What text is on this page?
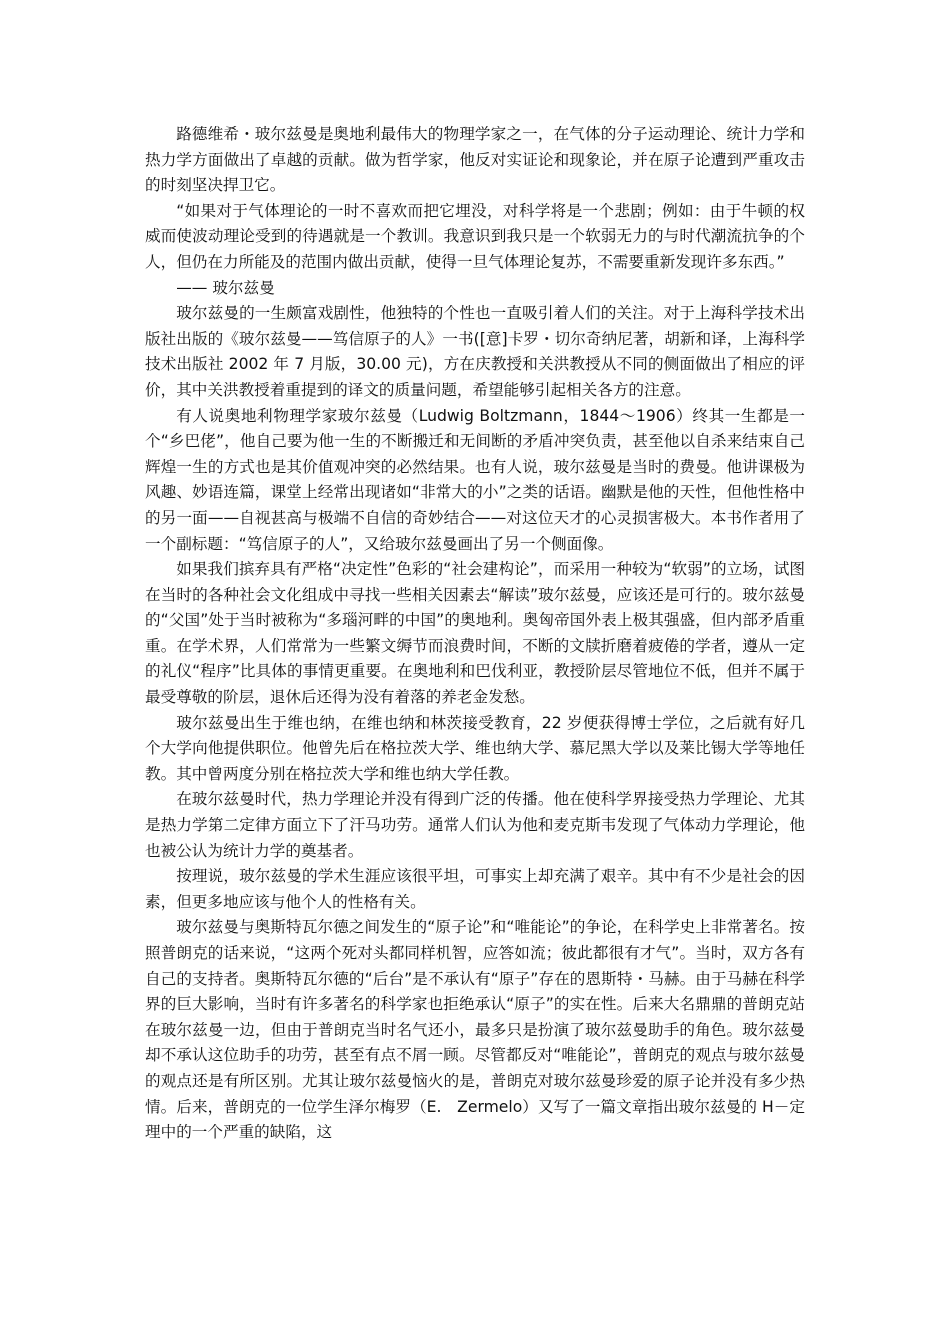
路德维希・玻尔兹曼是奥地利最伟大的物理学家之一，在气体的分子运动理论、统计力学和热力学方面做出了卓越的贡献。做为哲学家，他反对实证论和现象论，并在原子论遭到严重攻击的时刻坚决捍卫它。

“如果对于气体理论的一时不喜欢而把它埋没，对科学将是一个悲剧；例如：由于牛顿的权威而使波动理论受到的待遇就是一个教训。我意识到我只是一个软弱无力的与时代潮流抗争的个人，但仍在力所能及的范围内做出贡献，使得一旦气体理论复苏，不需要重新发现许多东西。”

—— 玻尔兹曼

玻尔兹曼的一生颇富戏剧性，他独特的个性也一直吸引着人们的关注。对于上海科学技术出版社出版的《玻尔兹曼——笃信原子的人》一书([意]卡罗・切尔奇纳尼著，胡新和译，上海科学技术出版社 2002 年 7 月版，30.00 元)，方在庆教授和关洪教授从不同的侧面做出了相应的评价，其中关洪教授着重提到的译文的质量问题，希望能够引起相关各方的注意。

有人说奥地利物理学家玻尔兹曼（Ludwig Boltzmann，1844～1906）终其一生都是一个“乡巴佬”，他自己要为他一生的不断搬迁和无间断的矛盾冲突负责，甚至他以自杀来结束自己辉煌一生的方式也是其价值观冲突的必然结果。也有人说，玻尔兹曼是当时的费曼。他讲课极为风趣、妙语连篇，课堂上经常出现诸如“非常大的小”之类的话语。幽默是他的天性，但他性格中的另一面——自视甚高与极端不自信的奇妙结合——对这位天才的心灵损害极大。本书作者用了一个副标题：“笃信原子的人”，又给玻尔兹曼画出了另一个侧面像。

如果我们摈弃具有严格“决定性”色彩的“社会建构论”，而采用一种较为“软弱”的立场，试图在当时的各种社会文化组成中寻找一些相关因素去“解读”玻尔兹曼，应该还是可行的。玻尔兹曼的“父国”处于当时被称为“多瑙河畔的中国”的奥地利。奥匈帝国外表上极其强盛，但内部矛盾重重。在学术界，人们常常为一些繁文缛节而浪费时间，不断的文牍折磨着疲倦的学者，遵从一定的礼仪“程序”比具体的事情更重要。在奥地利和巴伐利亚，教授阶层尽管地位不低，但并不属于最受尊敬的阶层，退休后还得为没有着落的养老金发愁。

玻尔兹曼出生于维也纳，在维也纳和林茨接受教育，22 岁便获得博士学位，之后就有好几个大学向他提供职位。他曾先后在格拉茨大学、维也纳大学、慕尼黑大学以及莱比锡大学等地任教。其中曾两度分别在格拉茨大学和维也纳大学任教。

在玻尔兹曼时代，热力学理论并没有得到广泛的传播。他在使科学界接受热力学理论、尤其是热力学第二定律方面立下了汗马功劳。通常人们认为他和麦克斯韦发现了气体动力学理论，他也被公认为统计力学的奠基者。

按理说，玻尔兹曼的学术生涯应该很平坦，可事实上却充满了艰辛。其中有不少是社会的因素，但更多地应该与他个人的性格有关。

玻尔兹曼与奥斯特瓦尔德之间发生的“原子论”和“唯能论”的争论，在科学史上非常著名。按照普朗克的话来说，“这两个死对头都同样机智，应答如流；彼此都很有才气”。当时，双方各有自己的支持者。奥斯特瓦尔德的“后台”是不承认有“原子”存在的恩斯特・马赫。由于马赫在科学界的巨大影响，当时有许多著名的科学家也拒绝承认“原子”的实在性。后来大名鼎鼎的普朗克站在玻尔兹曼一边，但由于普朗克当时名气还小，最多只是扮演了玻尔兹曼助手的角色。玻尔兹曼却不承认这位助手的功劳，甚至有点不屑一顾。尽管都反对“唯能论”，普朗克的观点与玻尔兹曼的观点还是有所区别。尤其让玻尔兹曼恼火的是，普朗克对玻尔兹曼珍爱的原子论并没有多少热情。后来，普朗克的一位学生泽尔梅罗（E.　Zermelo）又写了一篇文章指出玻尔兹曼的 H－定理中的一个严重的缺陷，这
